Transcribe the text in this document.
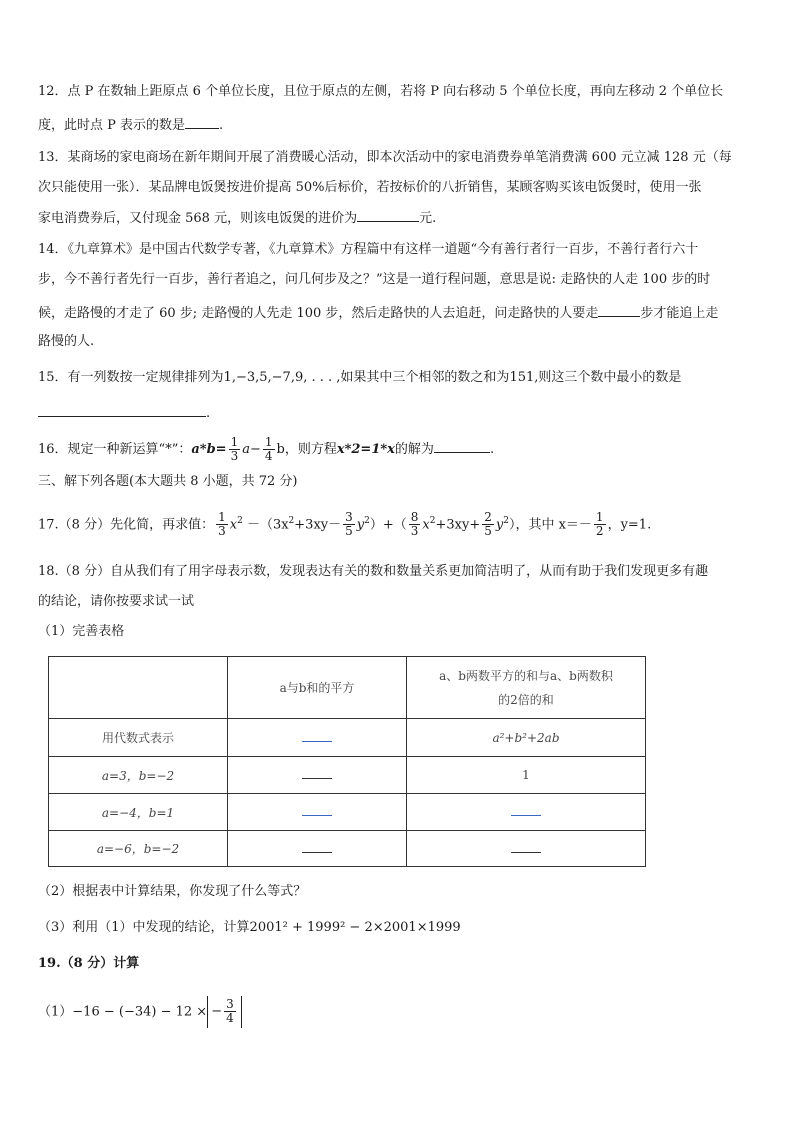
12．点 P 在数轴上距原点 6 个单位长度，且位于原点的左侧，若将 P 向右移动 5 个单位长度，再向左移动 2 个单位长
度，此时点 P 表示的数是	.
13．某商场的家电商场在新年期间开展了消费暖心活动，即本次活动中的家电消费券单笔消费满 600 元立减 128 元（每
次只能使用一张）．某品牌电饭煲按进价提高 50%后标价，若按标价的八折销售，某顾客购买该电饭煲时，使用一张
家电消费券后，又付现金 568 元，则该电饭煲的进价为	元.
14．《九章算术》是中国古代数学专著，《九章算术》方程篇中有这样一道题“今有善行者行一百步，不善行者行六十
步，今不善行者先行一百步，善行者追之，问几何步及之？”这是一道行程问题，意思是说: 走路快的人走 100 步的时
候，走路慢的才走了 60 步; 走路慢的人先走 100 步，然后走路快的人去追赶，问走路快的人要走	步才能追上走
路慢的人.
15．有一列数按一定规律排列为1,−3,5,−7,9, . . . ,如果其中三个相邻的数之和为151,则这三个数中最小的数是
.
16．规定一种新运算“*”：$a*b= \frac{1}{3} a- \frac{1}{4}$ b，则方程x*2=1*x的解为	.
三、解下列各题(本大题共 8 小题，共 72 分)
17.（8 分）先化简，再求值： $\frac{1}{3} x^2 -(3x^2+3xy- \frac{3}{5} y^2)+( \frac{8}{3} x^2+3xy+ \frac{2}{5} y^2)$，其中 $x=- \frac{1}{2}$ ，y=1.
18.（8 分）自从我们有了用字母表示数，发现表达有关的数和数量关系更加简洁明了，从而有助于我们发现更多有趣
的结论，请你按要求试一试
（1）完善表格
	a与b和的平方	a、b两数平方的和与a、b两数积的2倍的和
用代数式表示		a²+b²+2ab
a=3，b=−2		1
a=−4，b=1		
a=−6，b=−2		
（2）根据表中计算结果，你发现了什么等式？
（3）利用（1）中发现的结论，计算2001² + 1999² − 2×2001×1999
19.（8 分）计算
（1）−16 − (−34) − 12 × − $\frac{3}{4}$
